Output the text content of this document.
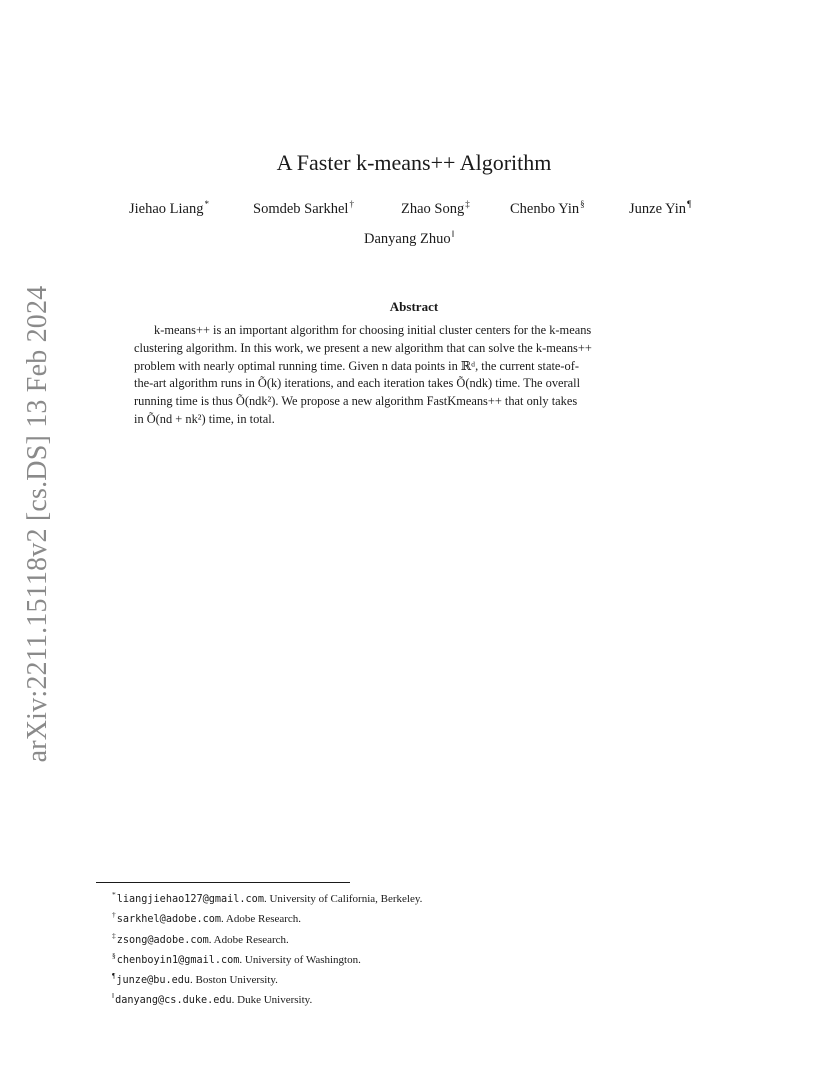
arXiv:2211.15118v2 [cs.DS] 13 Feb 2024
A Faster k-means++ Algorithm
Jiehao Liang*	Somdeb Sarkhel†	Zhao Song‡	Chenbo Yin§	Junze Yin¶
Danyang Zhuo‖
Abstract
k-means++ is an important algorithm for choosing initial cluster centers for the k-means
clustering algorithm. In this work, we present a new algorithm that can solve the k-means++
problem with nearly optimal running time. Given n data points in ℝᵈ, the current state-of-
the-art algorithm runs in Õ(k) iterations, and each iteration takes Õ(ndk) time. The overall
running time is thus Õ(ndk²). We propose a new algorithm FastKmeans++ that only takes
in Õ(nd + nk²) time, in total.
*liangjiehao127@gmail.com. University of California, Berkeley.
†sarkhel@adobe.com. Adobe Research.
‡zsong@adobe.com. Adobe Research.
§chenboyin1@gmail.com. University of Washington.
¶junze@bu.edu. Boston University.
‖danyang@cs.duke.edu. Duke University.
